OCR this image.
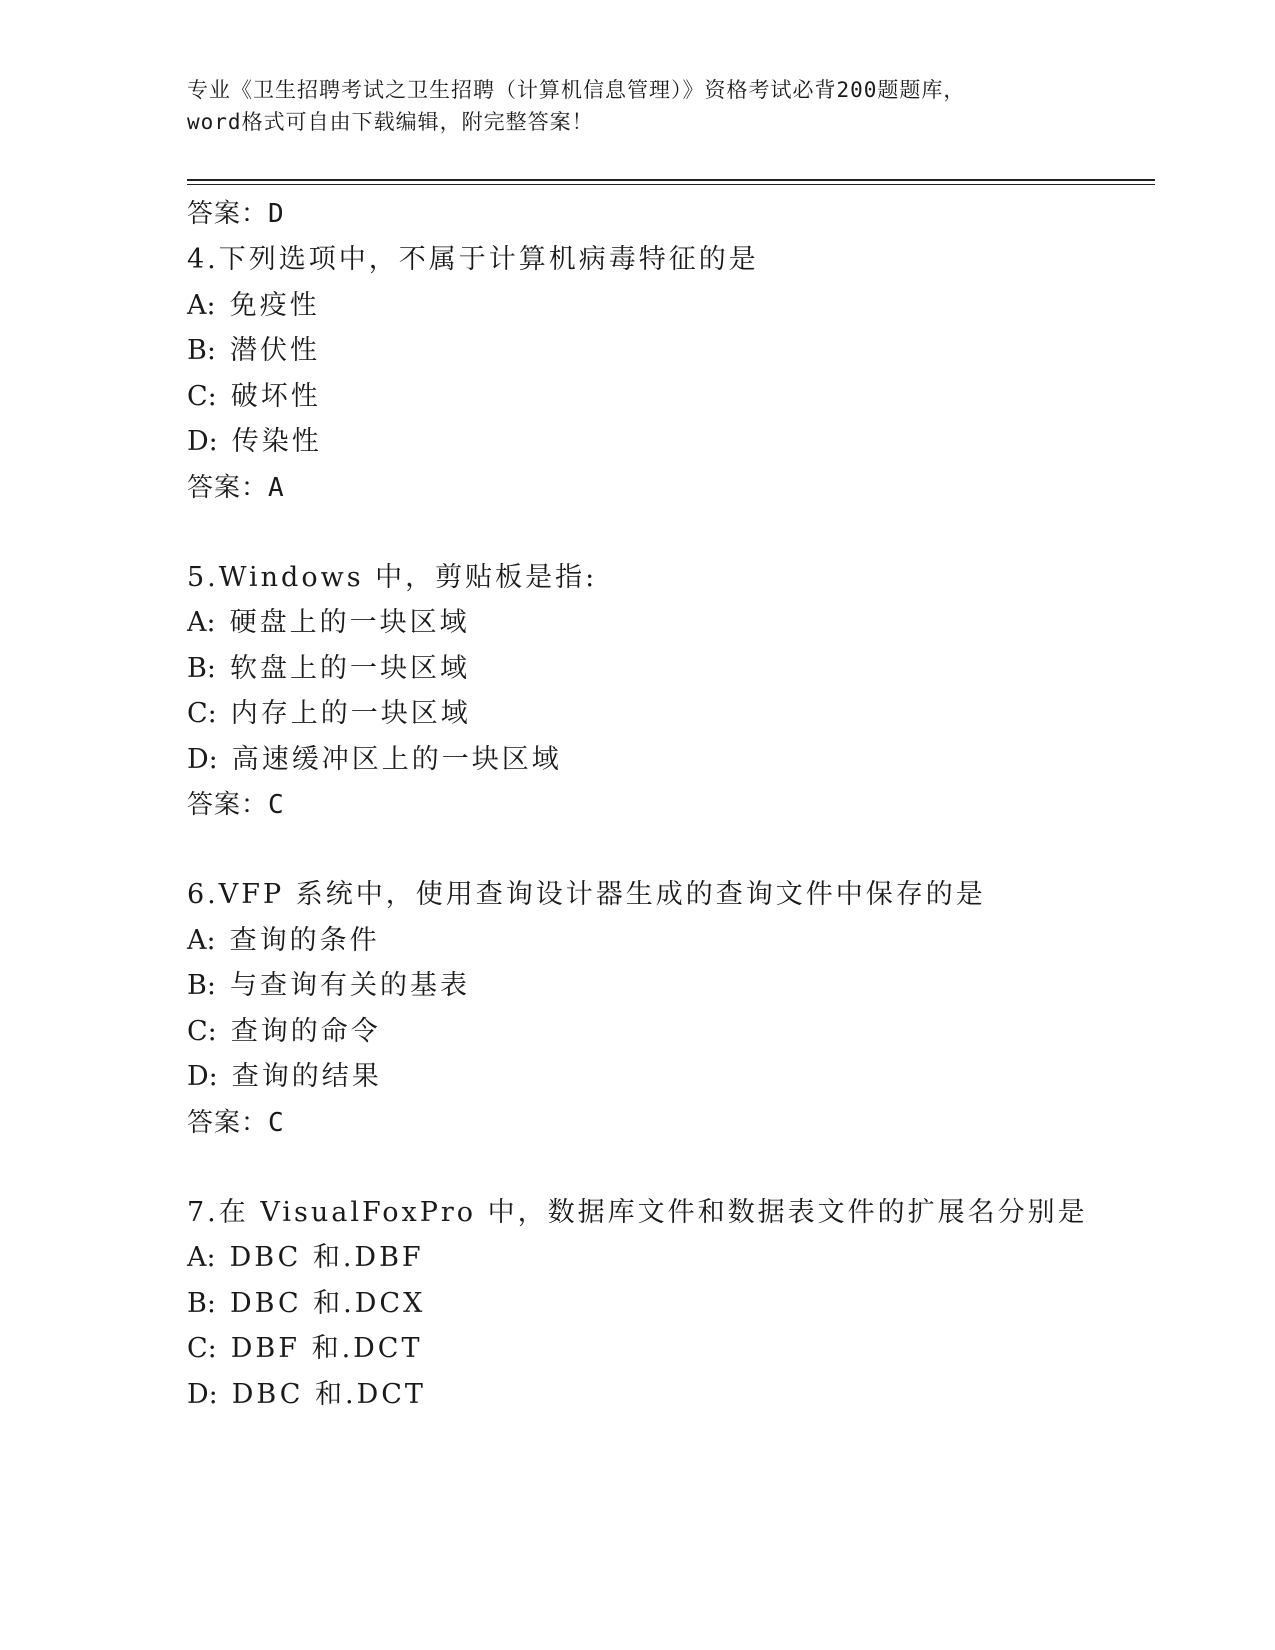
专业《卫生招聘考试之卫生招聘（计算机信息管理）》资格考试必背200题题库，
word格式可自由下载编辑，附完整答案！
答案：D
4.下列选项中，不属于计算机病毒特征的是
A: 免疫性
B: 潜伏性
C: 破坏性
D: 传染性
答案：A
5.Windows 中，剪贴板是指:
A: 硬盘上的一块区域
B: 软盘上的一块区域
C: 内存上的一块区域
D: 高速缓冲区上的一块区域
答案：C
6.VFP 系统中，使用查询设计器生成的查询文件中保存的是
A: 查询的条件
B: 与查询有关的基表
C: 查询的命令
D: 查询的结果
答案：C
7.在 VisualFoxPro 中，数据库文件和数据表文件的扩展名分别是
A: DBC 和.DBF
B: DBC 和.DCX
C: DBF 和.DCT
D: DBC 和.DCT
